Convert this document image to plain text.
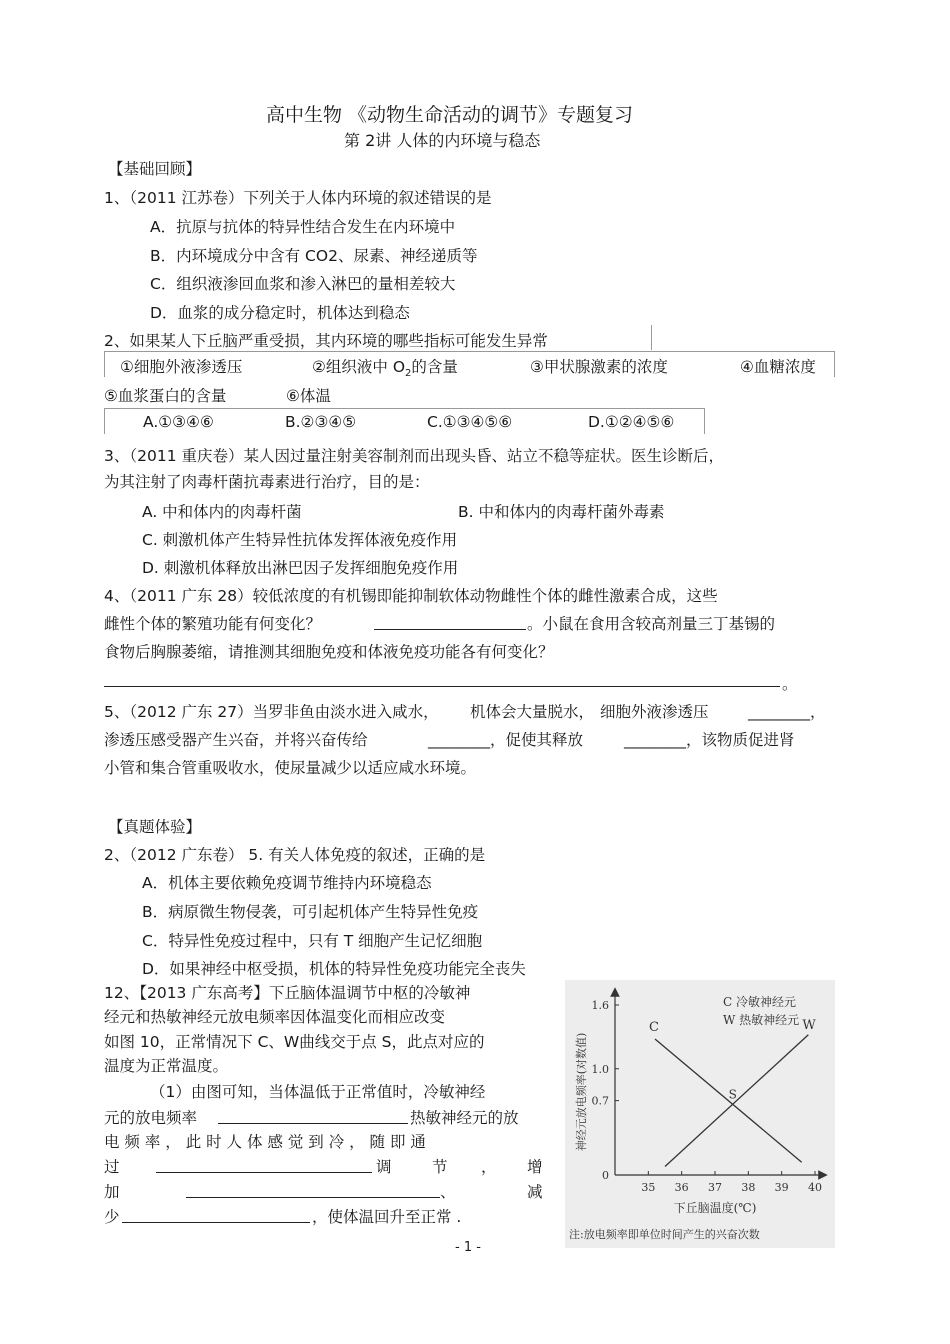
高中生物 《动物生命活动的调节》专题复习
第 2讲 人体的内环境与稳态
【基础回顾】
1、（2011 江苏卷）下列关于人体内环境的叙述错误的是
A．抗原与抗体的特异性结合发生在内环境中
B．内环境成分中含有 CO2、尿素、神经递质等
C．组织液渗回血浆和渗入淋巴的量相差较大
D．血浆的成分稳定时，机体达到稳态
2、如果某人下丘脑严重受损，其内环境的哪些指标可能发生异常
①细胞外液渗透压	②组织液中 $O_2$的含量	③甲状腺激素的浓度	④血糖浓度
⑤血浆蛋白的含量	⑥体温
A.①③④⑥	B.②③④⑤	C.①③④⑤⑥	D.①②④⑤⑥
3、（2011 重庆卷）某人因过量注射美容制剂而出现头昏、站立不稳等症状。医生诊断后，
为其注射了肉毒杆菌抗毒素进行治疗，目的是：
A. 中和体内的肉毒杆菌	B. 中和体内的肉毒杆菌外毒素
C. 刺激机体产生特异性抗体发挥体液免疫作用
D. 刺激机体释放出淋巴因子发挥细胞免疫作用
4、（2011 广东 28）较低浓度的有机锡即能抑制软体动物雌性个体的雌性激素合成，这些
雌性个体的繁殖功能有何变化？	。小鼠在食用含较高剂量三丁基锡的
食物后胸腺萎缩，请推测其细胞免疫和体液免疫功能各有何变化？
。
5、（2012 广东 27）当罗非鱼由淡水进入咸水， 机体会大量脱水， 细胞外液渗透压	________，
渗透压感受器产生兴奋，并将兴奋传给	________，促使其释放	________，该物质促进肾
小管和集合管重吸收水，使尿量减少以适应咸水环境。
【真题体验】
2、（2012 广东卷） 5. 有关人体免疫的叙述，正确的是
A．机体主要依赖免疫调节维持内环境稳态
B．病原微生物侵袭，可引起机体产生特异性免疫
C．特异性免疫过程中，只有 T 细胞产生记忆细胞
D．如果神经中枢受损，机体的特异性免疫功能完全丧失
12、【2013 广东高考】下丘脑体温调节中枢的冷敏神
经元和热敏神经元放电频率因体温变化而相应改变
如图 10，正常情况下 C、W曲线交于点 S，此点对应的
温度为正常温度。
（1）由图可知，当体温低于正常值时，冷敏神经
元的放电频率	热敏神经元的放
电 频 率 ， 此 时 人 体 感 觉 到 冷 ， 随 即 通
过	调	节 ， 增
加	、	减
少	，使体温回升至正常 .
神经元放电频率(对数值)
下丘脑温度(℃)
C 冷敏神经元
W 热敏神经元
注:放电频率即单位时间产生的兴奋次数
35 36 37 38 39 40
0
0.7
1.0
1.6
C	W
S
- 1 -
